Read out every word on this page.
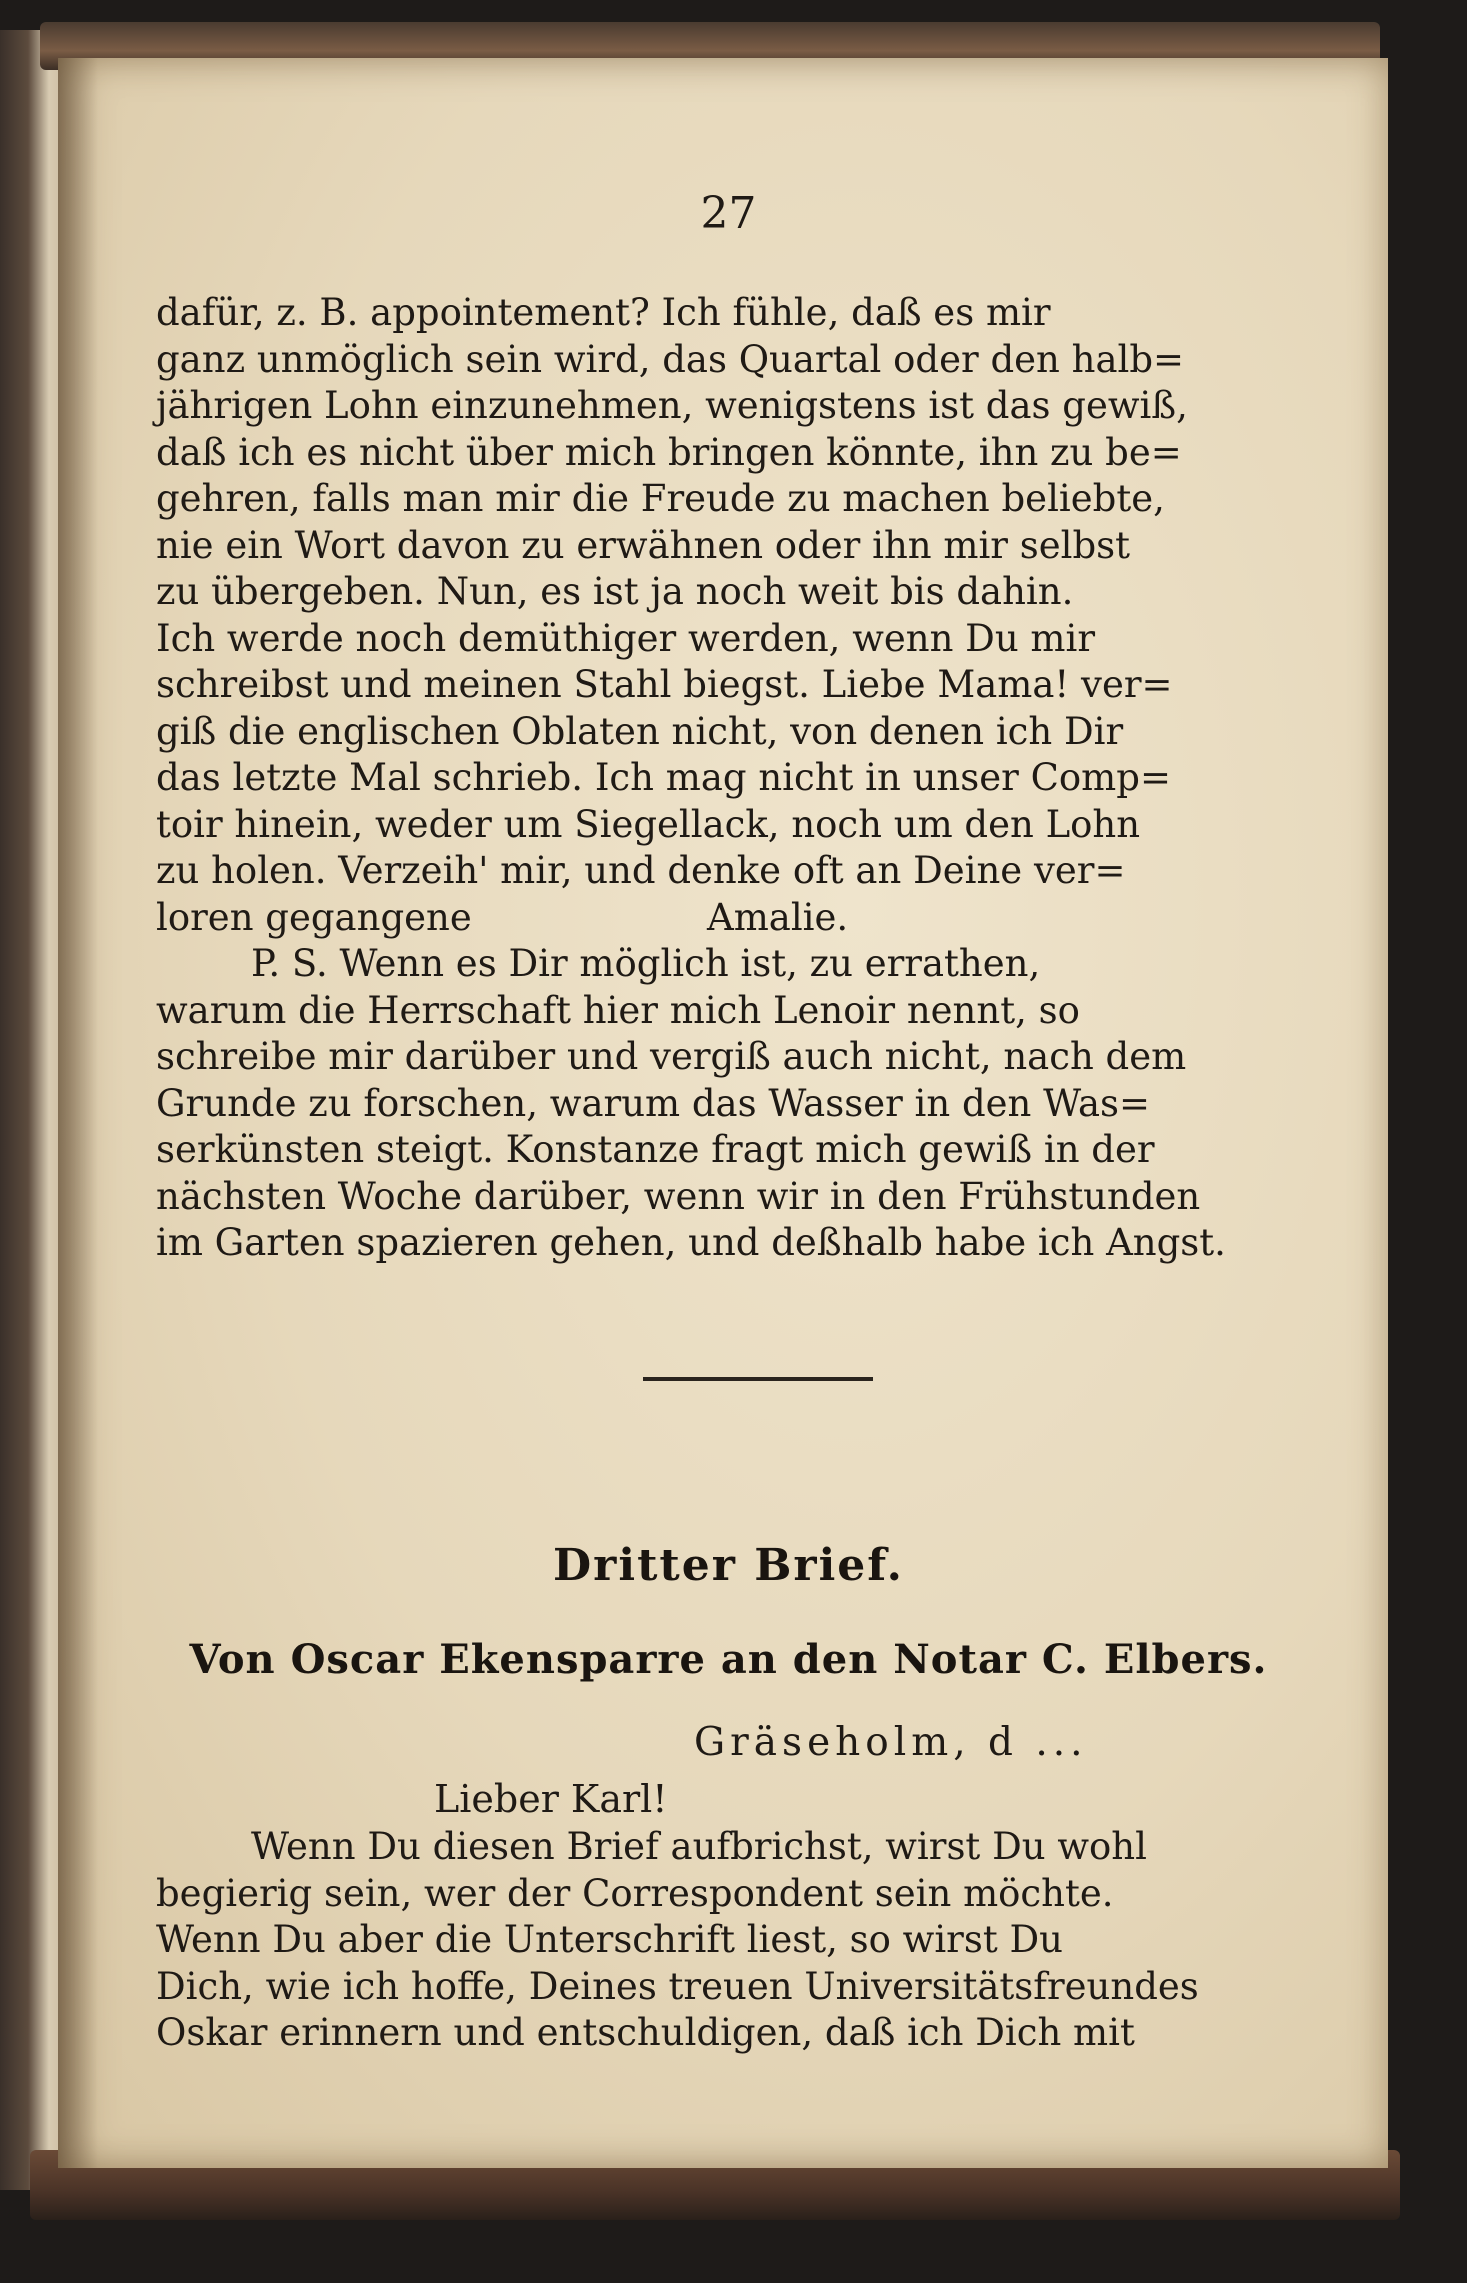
27
dafür, z. B. appointement? Ich fühle, daß es mir
ganz unmöglich sein wird, das Quartal oder den halb=
jährigen Lohn einzunehmen, wenigstens ist das gewiß,
daß ich es nicht über mich bringen könnte, ihn zu be=
gehren, falls man mir die Freude zu machen beliebte,
nie ein Wort davon zu erwähnen oder ihn mir selbst
zu übergeben. Nun, es ist ja noch weit bis dahin.
Ich werde noch demüthiger werden, wenn Du mir
schreibst und meinen Stahl biegst. Liebe Mama! ver=
giß die englischen Oblaten nicht, von denen ich Dir
das letzte Mal schrieb. Ich mag nicht in unser Comp=
toir hinein, weder um Siegellack, noch um den Lohn
zu holen. Verzeih' mir, und denke oft an Deine ver=
loren gegangene                    Amalie.
P. S. Wenn es Dir möglich ist, zu errathen,
warum die Herrschaft hier mich Lenoir nennt, so
schreibe mir darüber und vergiß auch nicht, nach dem
Grunde zu forschen, warum das Wasser in den Was=
serkünsten steigt. Konstanze fragt mich gewiß in der
nächsten Woche darüber, wenn wir in den Frühstunden
im Garten spazieren gehen, und deßhalb habe ich Angst.
Dritter Brief.
Von Oscar Ekensparre an den Notar C. Elbers.
Gräseholm, d ...
Lieber Karl!
Wenn Du diesen Brief aufbrichst, wirst Du wohl
begierig sein, wer der Correspondent sein möchte.
Wenn Du aber die Unterschrift liest, so wirst Du
Dich, wie ich hoffe, Deines treuen Universitätsfreundes
Oskar erinnern und entschuldigen, daß ich Dich mit
